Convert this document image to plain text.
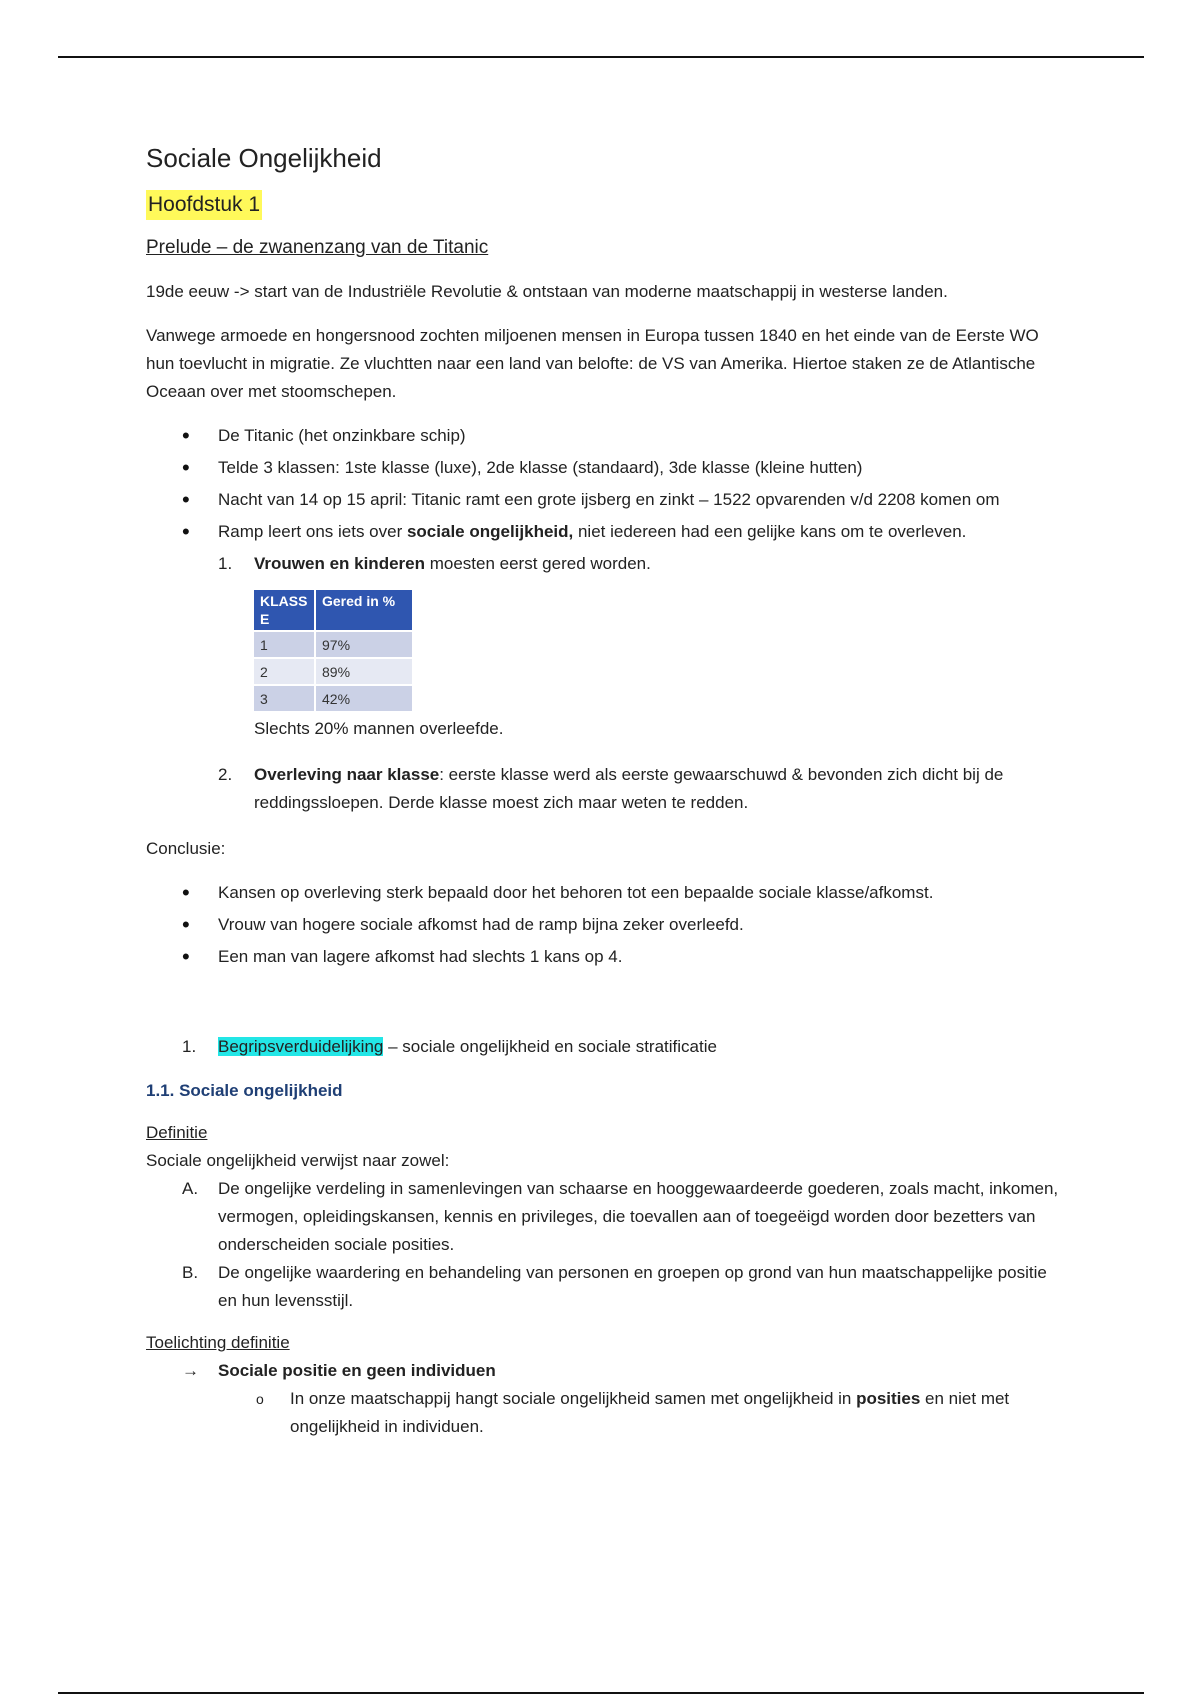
Sociale Ongelijkheid
Hoofdstuk 1
Prelude – de zwanenzang van de Titanic

19de eeuw -> start van de Industriële Revolutie & ontstaan van moderne maatschappij in westerse landen.

Vanwege armoede en hongersnood zochten miljoenen mensen in Europa tussen 1840 en het einde van de Eerste WO hun toevlucht in migratie. Ze vluchtten naar een land van belofte: de VS van Amerika. Hiertoe staken ze de Atlantische Oceaan over met stoomschepen.

• De Titanic (het onzinkbare schip)
• Telde 3 klassen: 1ste klasse (luxe), 2de klasse (standaard), 3de klasse (kleine hutten)
• Nacht van 14 op 15 april: Titanic ramt een grote ijsberg en zinkt – 1522 opvarenden v/d 2208 komen om
• Ramp leert ons iets over sociale ongelijkheid, niet iedereen had een gelijke kans om te overleven.
1. Vrouwen en kinderen moesten eerst gered worden.
KLASS E	Gered in %
1	97%
2	89%
3	42%
Slechts 20% mannen overleefde.
2. Overleving naar klasse: eerste klasse werd als eerste gewaarschuwd & bevonden zich dicht bij de reddingssloepen. Derde klasse moest zich maar weten te redden.
Conclusie:
• Kansen op overleving sterk bepaald door het behoren tot een bepaalde sociale klasse/afkomst.
• Vrouw van hogere sociale afkomst had de ramp bijna zeker overleefd.
• Een man van lagere afkomst had slechts 1 kans op 4.
1. Begripsverduidelijking – sociale ongelijkheid en sociale stratificatie
1.1. Sociale ongelijkheid
Definitie
Sociale ongelijkheid verwijst naar zowel:
A. De ongelijke verdeling in samenlevingen van schaarse en hooggewaardeerde goederen, zoals macht, inkomen, vermogen, opleidingskansen, kennis en privileges, die toevallen aan of toegeëigd worden door bezetters van onderscheiden sociale posities.
B. De ongelijke waardering en behandeling van personen en groepen op grond van hun maatschappelijke positie en hun levensstijl.
Toelichting definitie
→ Sociale positie en geen individuen
o In onze maatschappij hangt sociale ongelijkheid samen met ongelijkheid in posities en niet met ongelijkheid in individuen.
